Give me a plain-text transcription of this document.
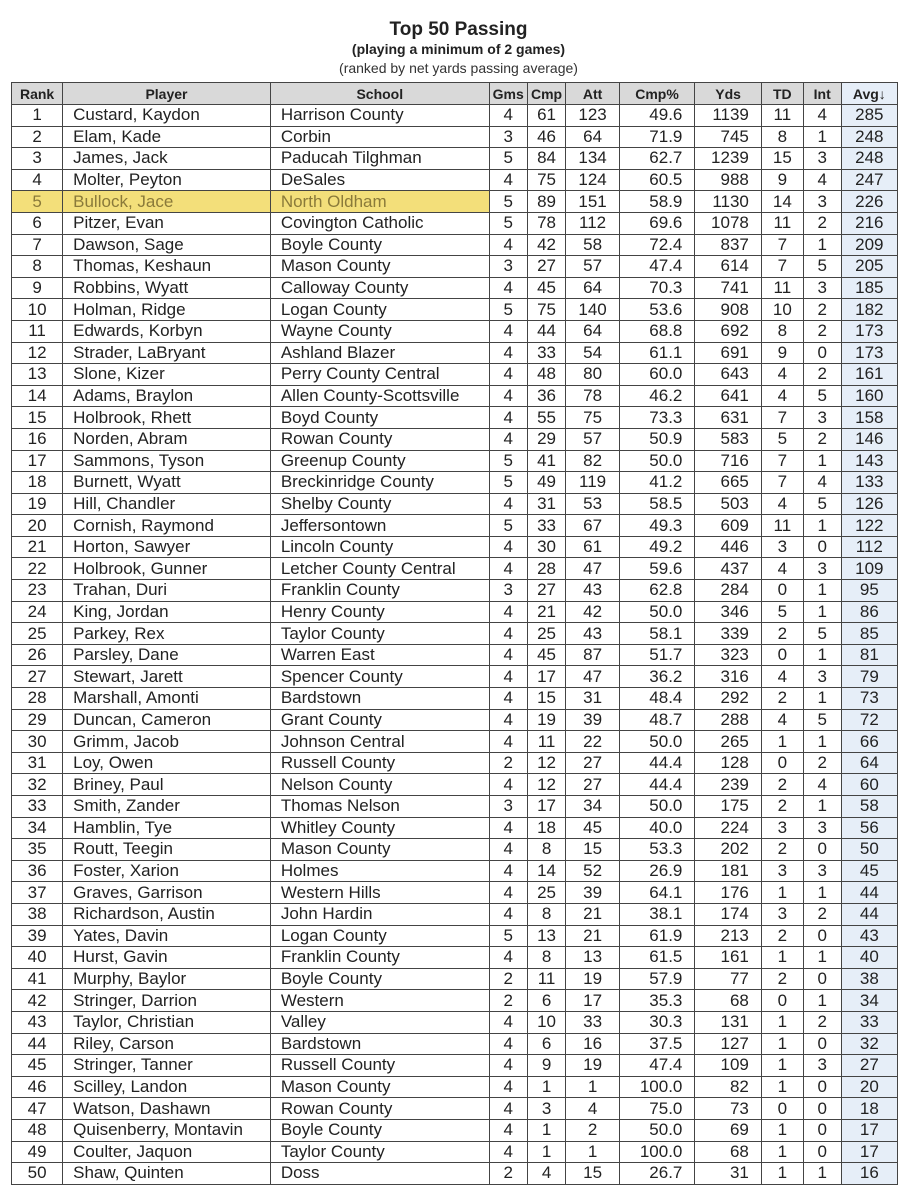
Top 50 Passing
(playing a minimum of 2 games)
(ranked by net yards passing average)
Rank	Player	School	Gms	Cmp	Att	Cmp%	Yds	TD	Int	Avg↓
1	Custard, Kaydon	Harrison County	4	61	123	49.6	1139	11	4	285
2	Elam, Kade	Corbin	3	46	64	71.9	745	8	1	248
3	James, Jack	Paducah Tilghman	5	84	134	62.7	1239	15	3	248
4	Molter, Peyton	DeSales	4	75	124	60.5	988	9	4	247
5	Bullock, Jace	North Oldham	5	89	151	58.9	1130	14	3	226
6	Pitzer, Evan	Covington Catholic	5	78	112	69.6	1078	11	2	216
7	Dawson, Sage	Boyle County	4	42	58	72.4	837	7	1	209
8	Thomas, Keshaun	Mason County	3	27	57	47.4	614	7	5	205
9	Robbins, Wyatt	Calloway County	4	45	64	70.3	741	11	3	185
10	Holman, Ridge	Logan County	5	75	140	53.6	908	10	2	182
11	Edwards, Korbyn	Wayne County	4	44	64	68.8	692	8	2	173
12	Strader, LaBryant	Ashland Blazer	4	33	54	61.1	691	9	0	173
13	Slone, Kizer	Perry County Central	4	48	80	60.0	643	4	2	161
14	Adams, Braylon	Allen County-Scottsville	4	36	78	46.2	641	4	5	160
15	Holbrook, Rhett	Boyd County	4	55	75	73.3	631	7	3	158
16	Norden, Abram	Rowan County	4	29	57	50.9	583	5	2	146
17	Sammons, Tyson	Greenup County	5	41	82	50.0	716	7	1	143
18	Burnett, Wyatt	Breckinridge County	5	49	119	41.2	665	7	4	133
19	Hill, Chandler	Shelby County	4	31	53	58.5	503	4	5	126
20	Cornish, Raymond	Jeffersontown	5	33	67	49.3	609	11	1	122
21	Horton, Sawyer	Lincoln County	4	30	61	49.2	446	3	0	112
22	Holbrook, Gunner	Letcher County Central	4	28	47	59.6	437	4	3	109
23	Trahan, Duri	Franklin County	3	27	43	62.8	284	0	1	95
24	King, Jordan	Henry County	4	21	42	50.0	346	5	1	86
25	Parkey, Rex	Taylor County	4	25	43	58.1	339	2	5	85
26	Parsley, Dane	Warren East	4	45	87	51.7	323	0	1	81
27	Stewart, Jarett	Spencer County	4	17	47	36.2	316	4	3	79
28	Marshall, Amonti	Bardstown	4	15	31	48.4	292	2	1	73
29	Duncan, Cameron	Grant County	4	19	39	48.7	288	4	5	72
30	Grimm, Jacob	Johnson Central	4	11	22	50.0	265	1	1	66
31	Loy, Owen	Russell County	2	12	27	44.4	128	0	2	64
32	Briney, Paul	Nelson County	4	12	27	44.4	239	2	4	60
33	Smith, Zander	Thomas Nelson	3	17	34	50.0	175	2	1	58
34	Hamblin, Tye	Whitley County	4	18	45	40.0	224	3	3	56
35	Routt, Teegin	Mason County	4	8	15	53.3	202	2	0	50
36	Foster, Xarion	Holmes	4	14	52	26.9	181	3	3	45
37	Graves, Garrison	Western Hills	4	25	39	64.1	176	1	1	44
38	Richardson, Austin	John Hardin	4	8	21	38.1	174	3	2	44
39	Yates, Davin	Logan County	5	13	21	61.9	213	2	0	43
40	Hurst, Gavin	Franklin County	4	8	13	61.5	161	1	1	40
41	Murphy, Baylor	Boyle County	2	11	19	57.9	77	2	0	38
42	Stringer, Darrion	Western	2	6	17	35.3	68	0	1	34
43	Taylor, Christian	Valley	4	10	33	30.3	131	1	2	33
44	Riley, Carson	Bardstown	4	6	16	37.5	127	1	0	32
45	Stringer, Tanner	Russell County	4	9	19	47.4	109	1	3	27
46	Scilley, Landon	Mason County	4	1	1	100.0	82	1	0	20
47	Watson, Dashawn	Rowan County	4	3	4	75.0	73	0	0	18
48	Quisenberry, Montavin	Boyle County	4	1	2	50.0	69	1	0	17
49	Coulter, Jaquon	Taylor County	4	1	1	100.0	68	1	0	17
50	Shaw, Quinten	Doss	2	4	15	26.7	31	1	1	16
